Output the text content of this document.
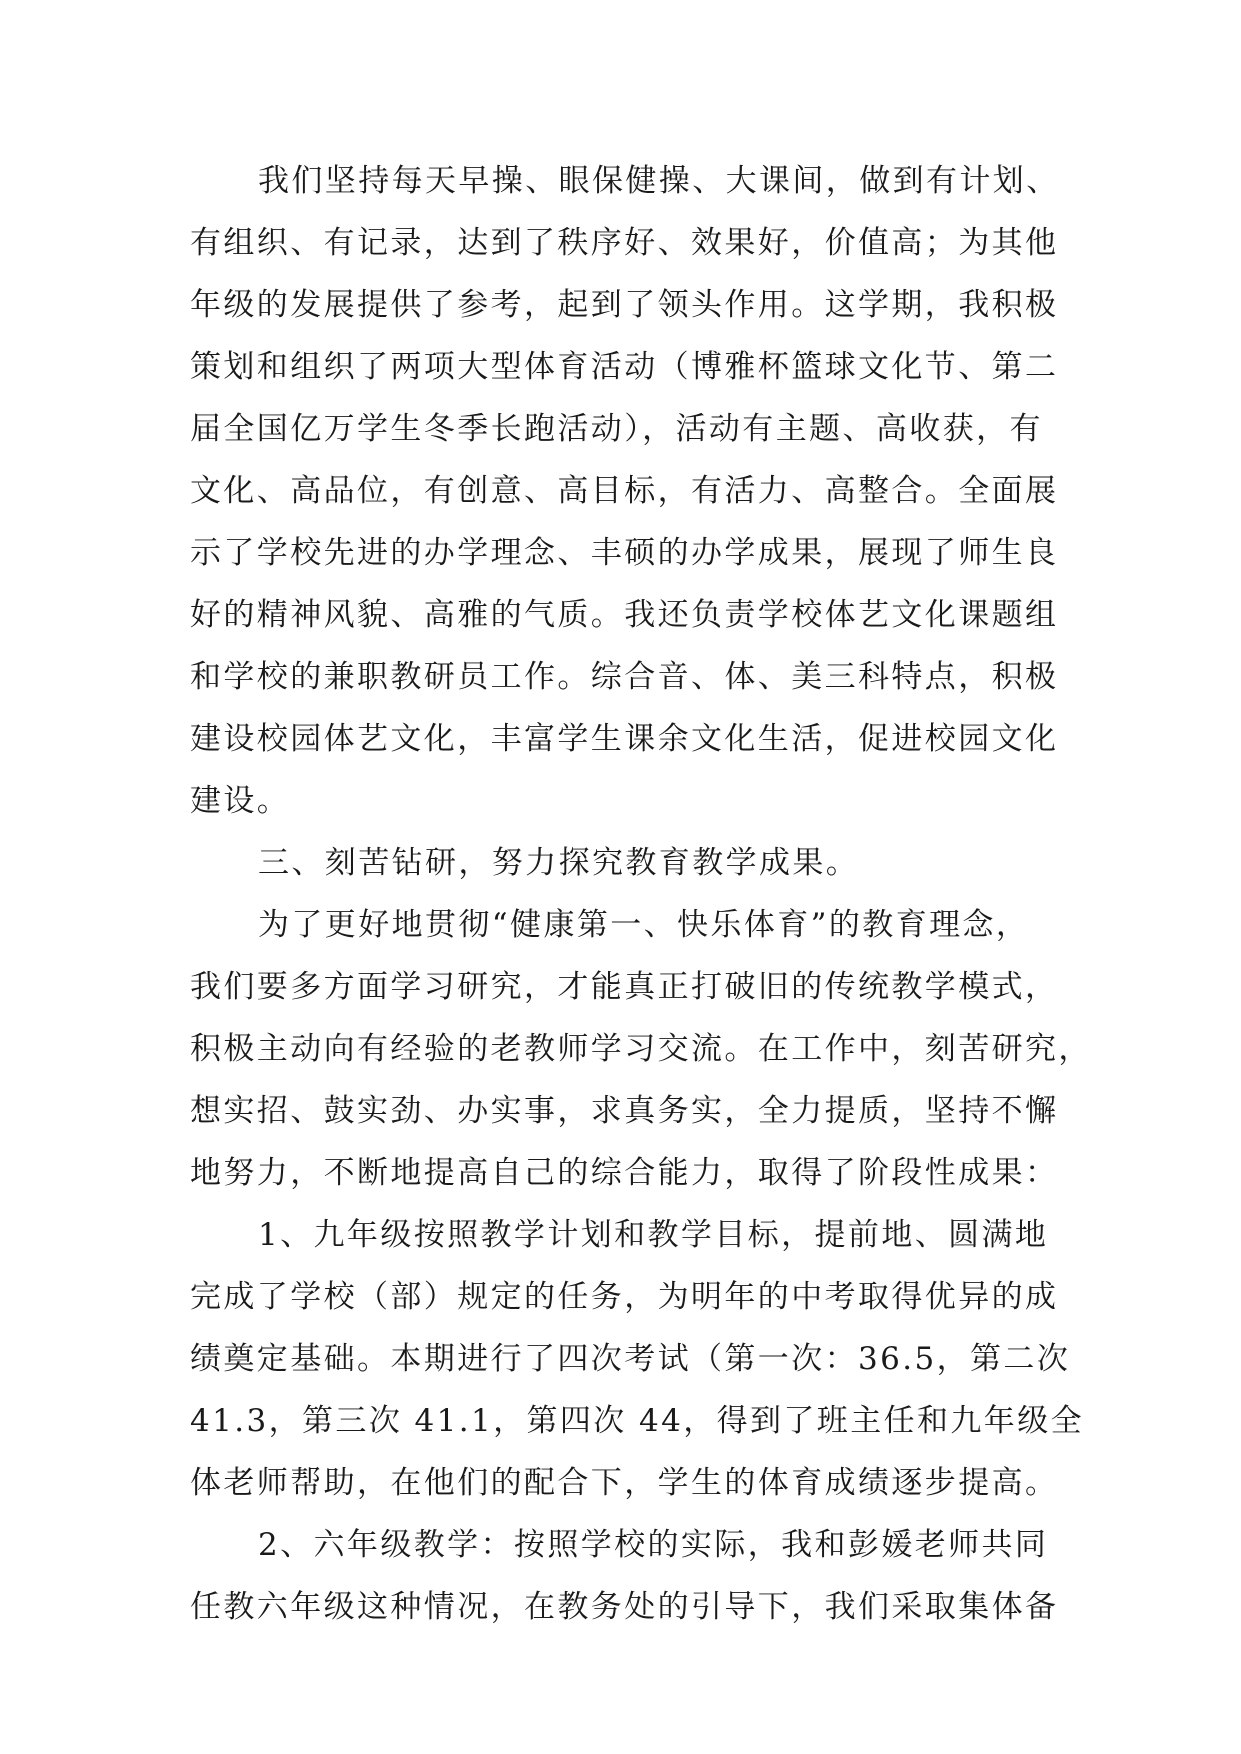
我们坚持每天早操、眼保健操、大课间，做到有计划、
有组织、有记录，达到了秩序好、效果好，价值高；为其他
年级的发展提供了参考，起到了领头作用。这学期，我积极
策划和组织了两项大型体育活动（博雅杯篮球文化节、第二
届全国亿万学生冬季长跑活动），活动有主题、高收获，有
文化、高品位，有创意、高目标，有活力、高整合。全面展
示了学校先进的办学理念、丰硕的办学成果，展现了师生良
好的精神风貌、高雅的气质。我还负责学校体艺文化课题组
和学校的兼职教研员工作。综合音、体、美三科特点，积极
建设校园体艺文化，丰富学生课余文化生活，促进校园文化
建设。
三、刻苦钻研，努力探究教育教学成果。
为了更好地贯彻“健康第一、快乐体育”的教育理念，
我们要多方面学习研究，才能真正打破旧的传统教学模式，
积极主动向有经验的老教师学习交流。在工作中，刻苦研究，
想实招、鼓实劲、办实事，求真务实，全力提质，坚持不懈
地努力，不断地提高自己的综合能力，取得了阶段性成果：
1、九年级按照教学计划和教学目标，提前地、圆满地
完成了学校（部）规定的任务，为明年的中考取得优异的成
绩奠定基础。本期进行了四次考试（第一次：36.5，第二次
41.3，第三次 41.1，第四次 44，得到了班主任和九年级全
体老师帮助，在他们的配合下，学生的体育成绩逐步提高。
2、六年级教学：按照学校的实际，我和彭媛老师共同
任教六年级这种情况，在教务处的引导下，我们采取集体备
